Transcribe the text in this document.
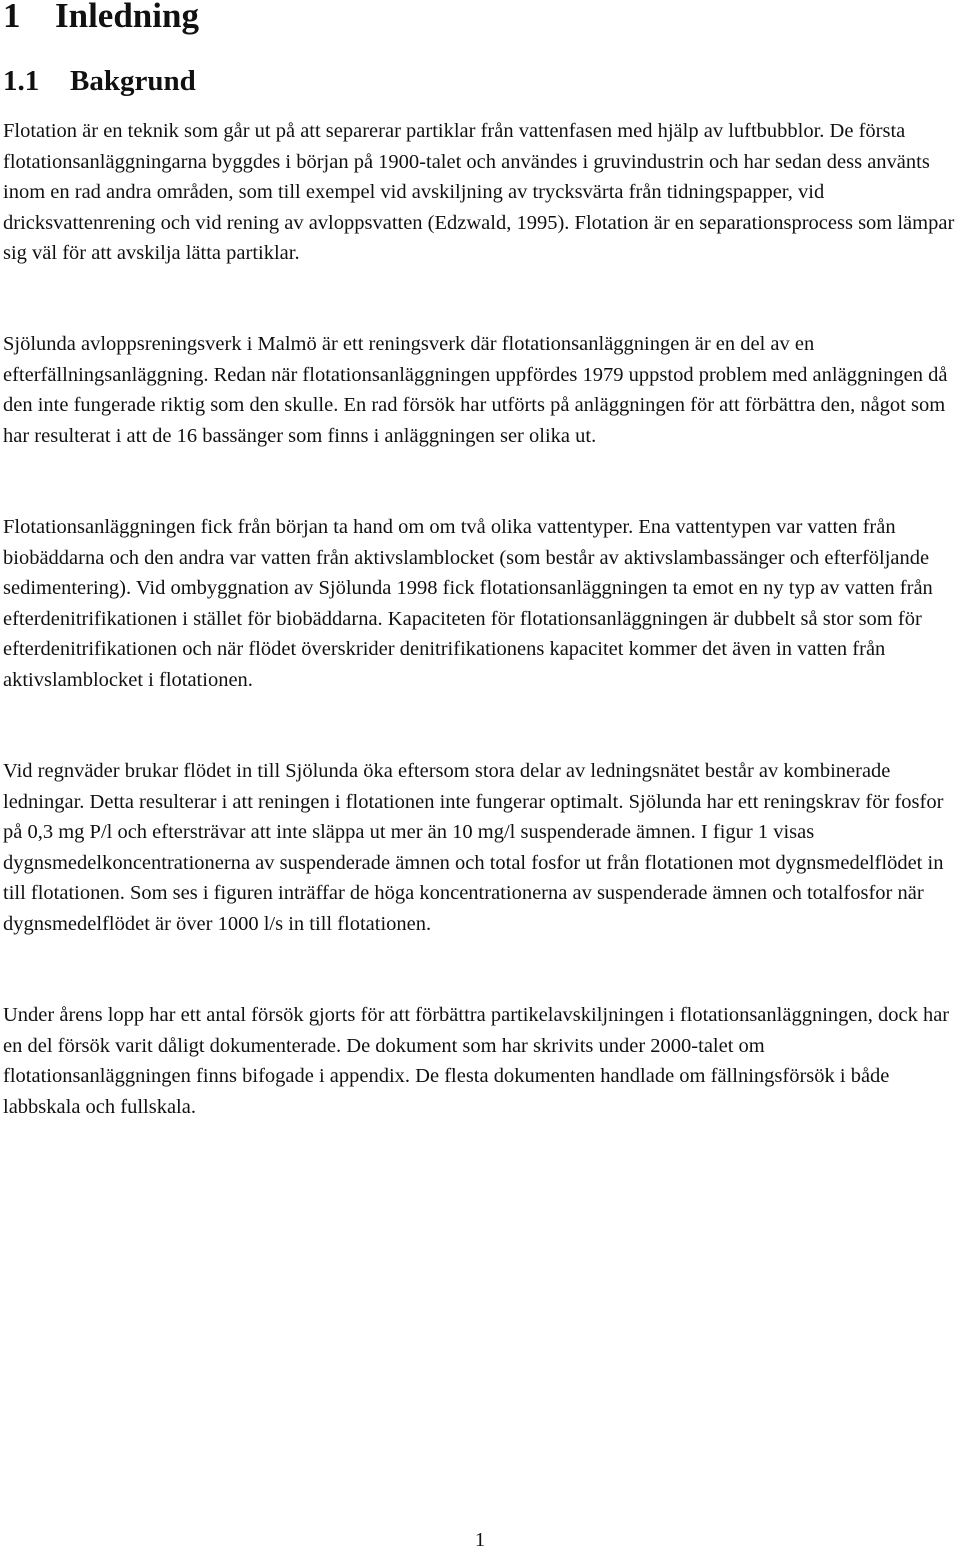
1 Inledning
1.1 Bakgrund

Flotation är en teknik som går ut på att separerar partiklar från vattenfasen med hjälp av luftbubblor. De första flotationsanläggningarna byggdes i början på 1900-talet och användes i gruvindustrin och har sedan dess använts inom en rad andra områden, som till exempel vid avskiljning av trycksvärta från tidningspapper, vid dricksvattenrening och vid rening av avloppsvatten (Edzwald, 1995). Flotation är en separationsprocess som lämpar sig väl för att avskilja lätta partiklar.

Sjölunda avloppsreningsverk i Malmö är ett reningsverk där flotationsanläggningen är en del av en efterfällningsanläggning. Redan när flotationsanläggningen uppfördes 1979 uppstod problem med anläggningen då den inte fungerade riktig som den skulle. En rad försök har utförts på anläggningen för att förbättra den, något som har resulterat i att de 16 bassänger som finns i anläggningen ser olika ut.

Flotationsanläggningen fick från början ta hand om om två olika vattentyper. Ena vattentypen var vatten från biobäddarna och den andra var vatten från aktivslamblocket (som består av aktivslambassänger och efterföljande sedimentering). Vid ombyggnation av Sjölunda 1998 fick flotationsanläggningen ta emot en ny typ av vatten från efterdenitrifikationen i stället för biobäddarna. Kapaciteten för flotationsanläggningen är dubbelt så stor som för efterdenitrifikationen och när flödet överskrider denitrifikationens kapacitet kommer det även in vatten från aktivslamblocket i flotationen.

Vid regnväder brukar flödet in till Sjölunda öka eftersom stora delar av ledningsnätet består av kombinerade ledningar. Detta resulterar i att reningen i flotationen inte fungerar optimalt. Sjölunda har ett reningskrav för fosfor på 0,3 mg P/l och eftersträvar att inte släppa ut mer än 10 mg/l suspenderade ämnen. I figur 1 visas dygnsmedelkoncentrationerna av suspenderade ämnen och total fosfor ut från flotationen mot dygnsmedelflödet in till flotationen. Som ses i figuren inträffar de höga koncentrationerna av suspenderade ämnen och totalfosfor när dygnsmedelflödet är över 1000 l/s in till flotationen.

Under årens lopp har ett antal försök gjorts för att förbättra partikelavskiljningen i flotationsanläggningen, dock har en del försök varit dåligt dokumenterade. De dokument som har skrivits under 2000-talet om flotationsanläggningen finns bifogade i appendix. De flesta dokumenten handlade om fällningsförsök i både labbskala och fullskala.

1
